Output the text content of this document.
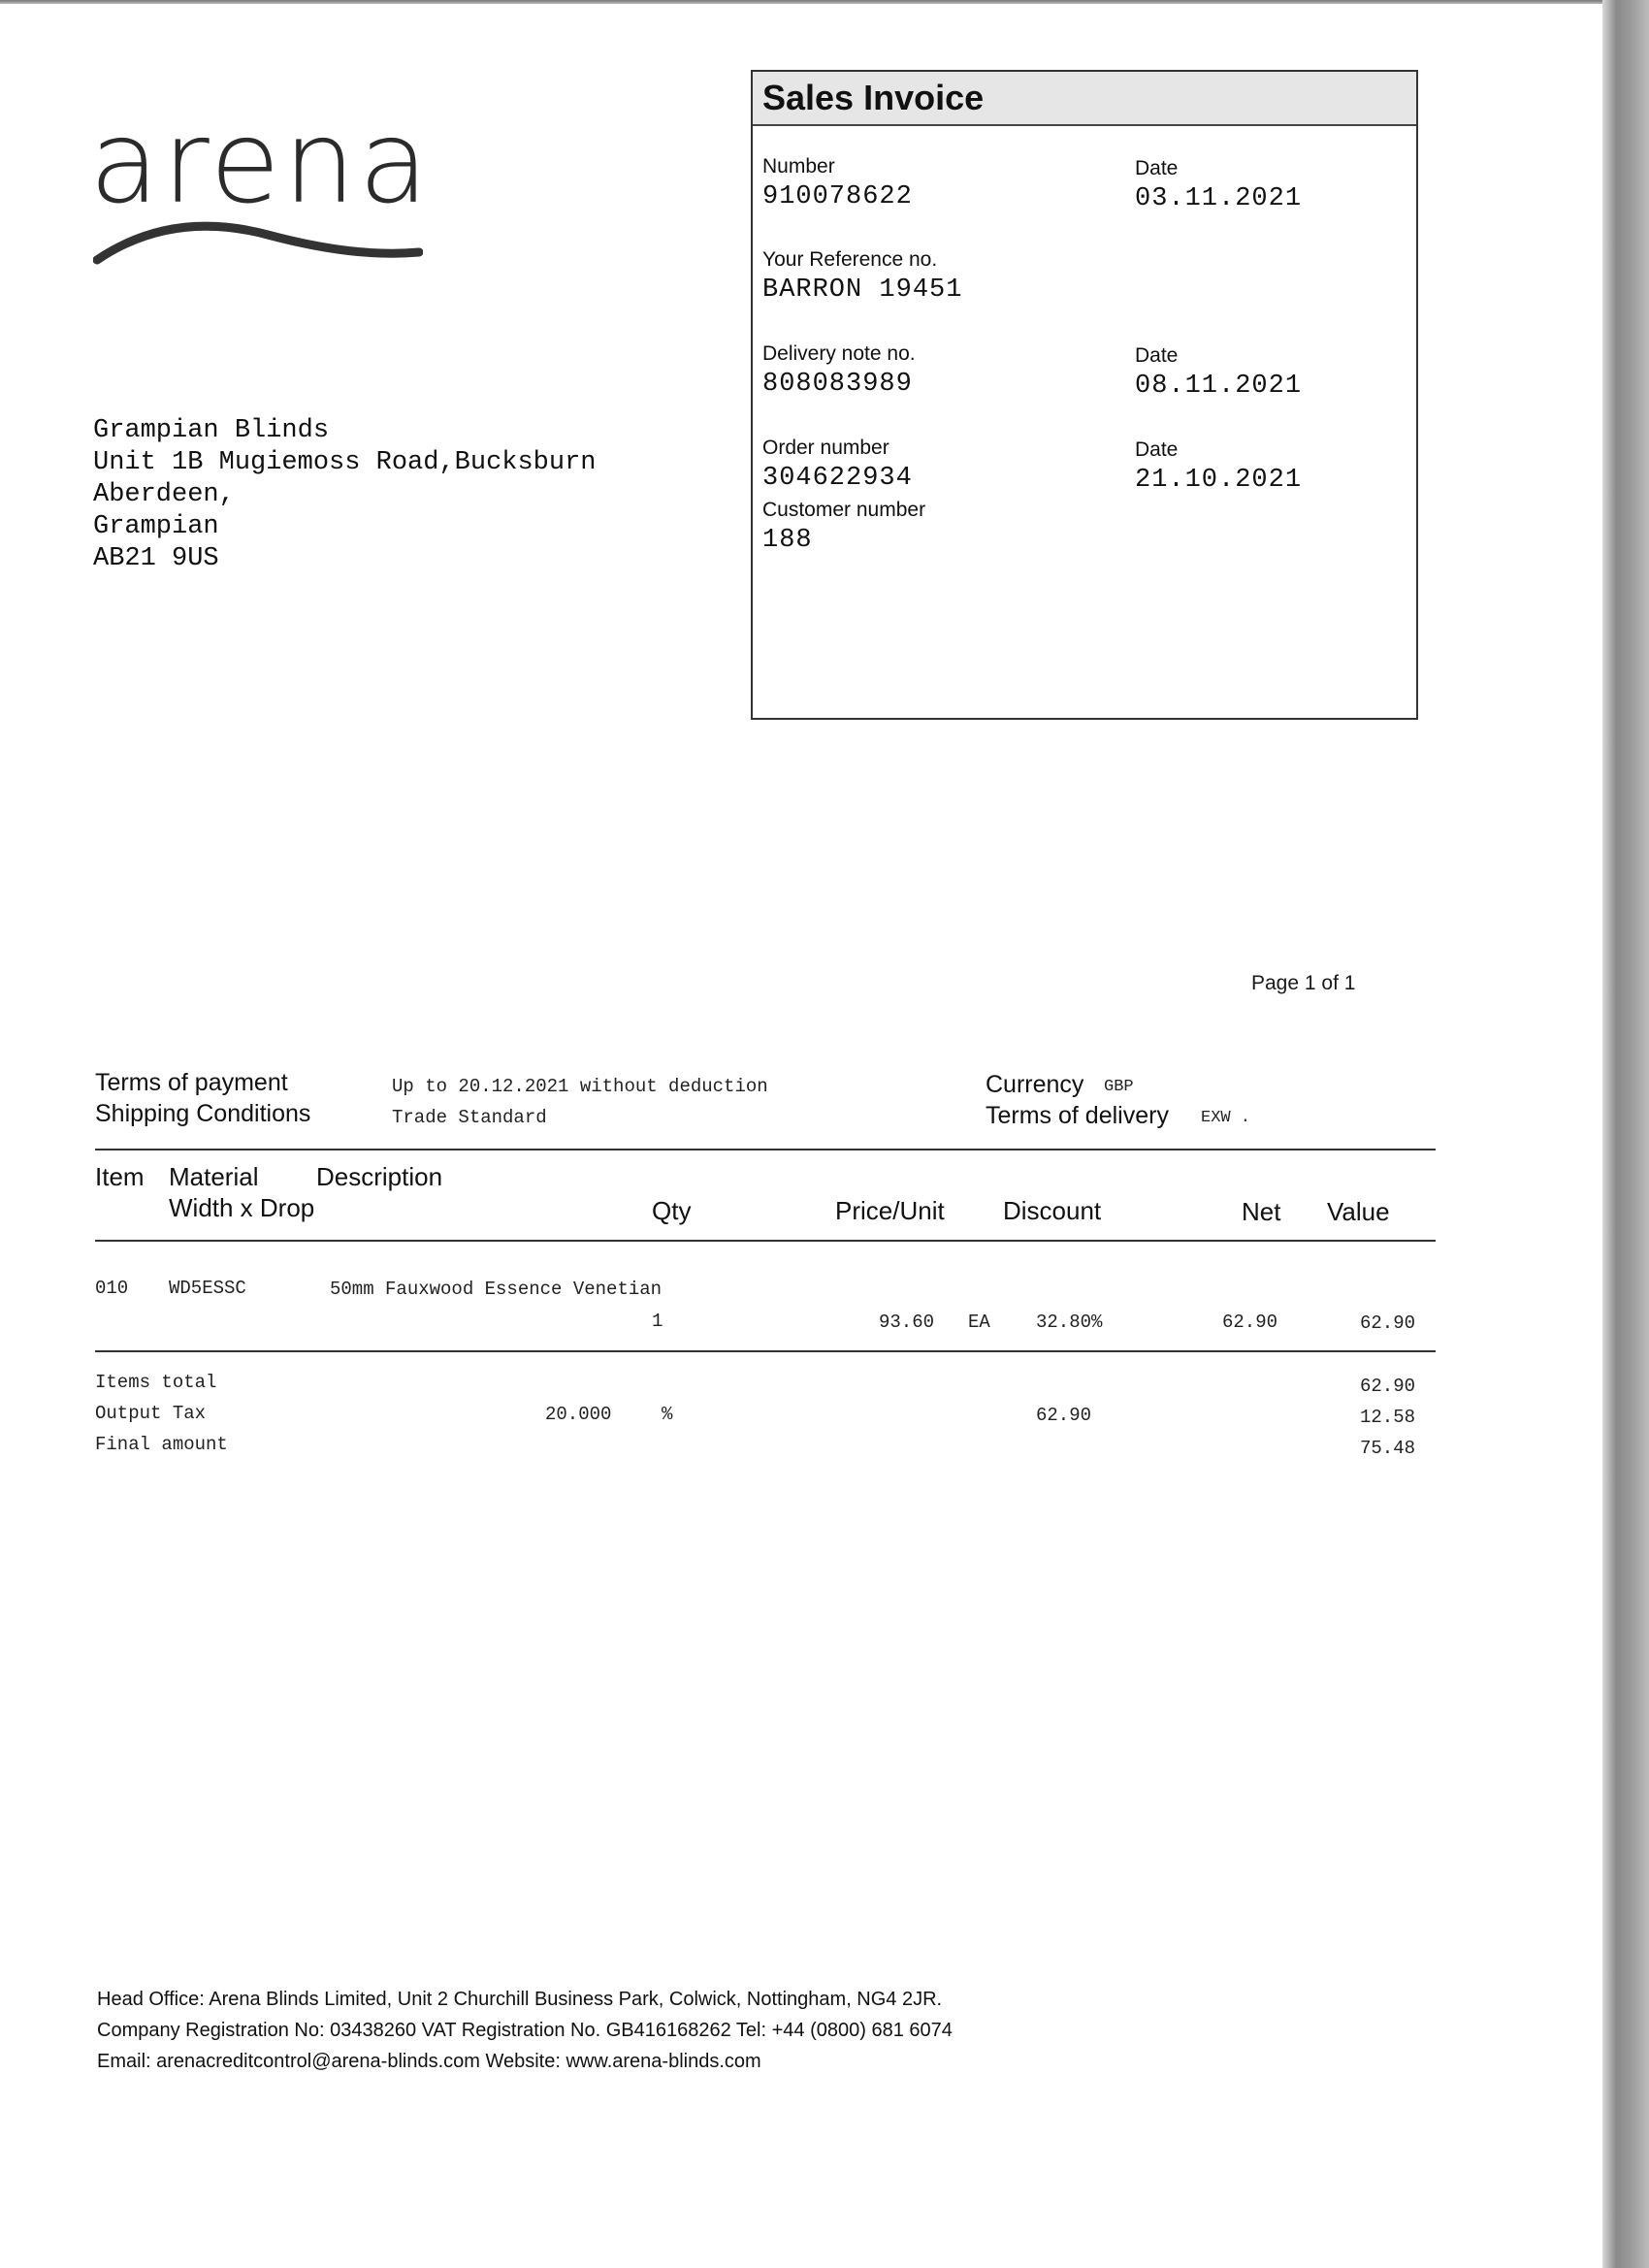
arena	Sales Invoice
Number
910078622
Date
03.11.2021
Your Reference no.
BARRON 19451
Delivery note no.
808083989
Date
08.11.2021
Order number
304622934
Date
21.10.2021
Customer number
188
Grampian Blinds
Unit 1B Mugiemoss Road,Bucksburn
Aberdeen,
Grampian
AB21 9US
Page 1 of 1
Terms of payment	Up to 20.12.2021 without deduction
Shipping Conditions	Trade Standard
Currency GBP
Terms of delivery EXW .
Item Material Description
Width x Drop	Qty	Price/Unit Discount	Net Value
010 WD5ESSC	50mm Fauxwood Essence Venetian
1	93.60 EA 32.80%	62.90	62.90
Items total	62.90
Output Tax	20.000	%	62.90	12.58
Final amount	75.48
Head Office: Arena Blinds Limited, Unit 2 Churchill Business Park, Colwick, Nottingham, NG4 2JR.
Company Registration No: 03438260 VAT Registration No. GB416168262 Tel: +44 (0800) 681 6074
Email: arenacreditcontrol@arena-blinds.com Website: www.arena-blinds.com
